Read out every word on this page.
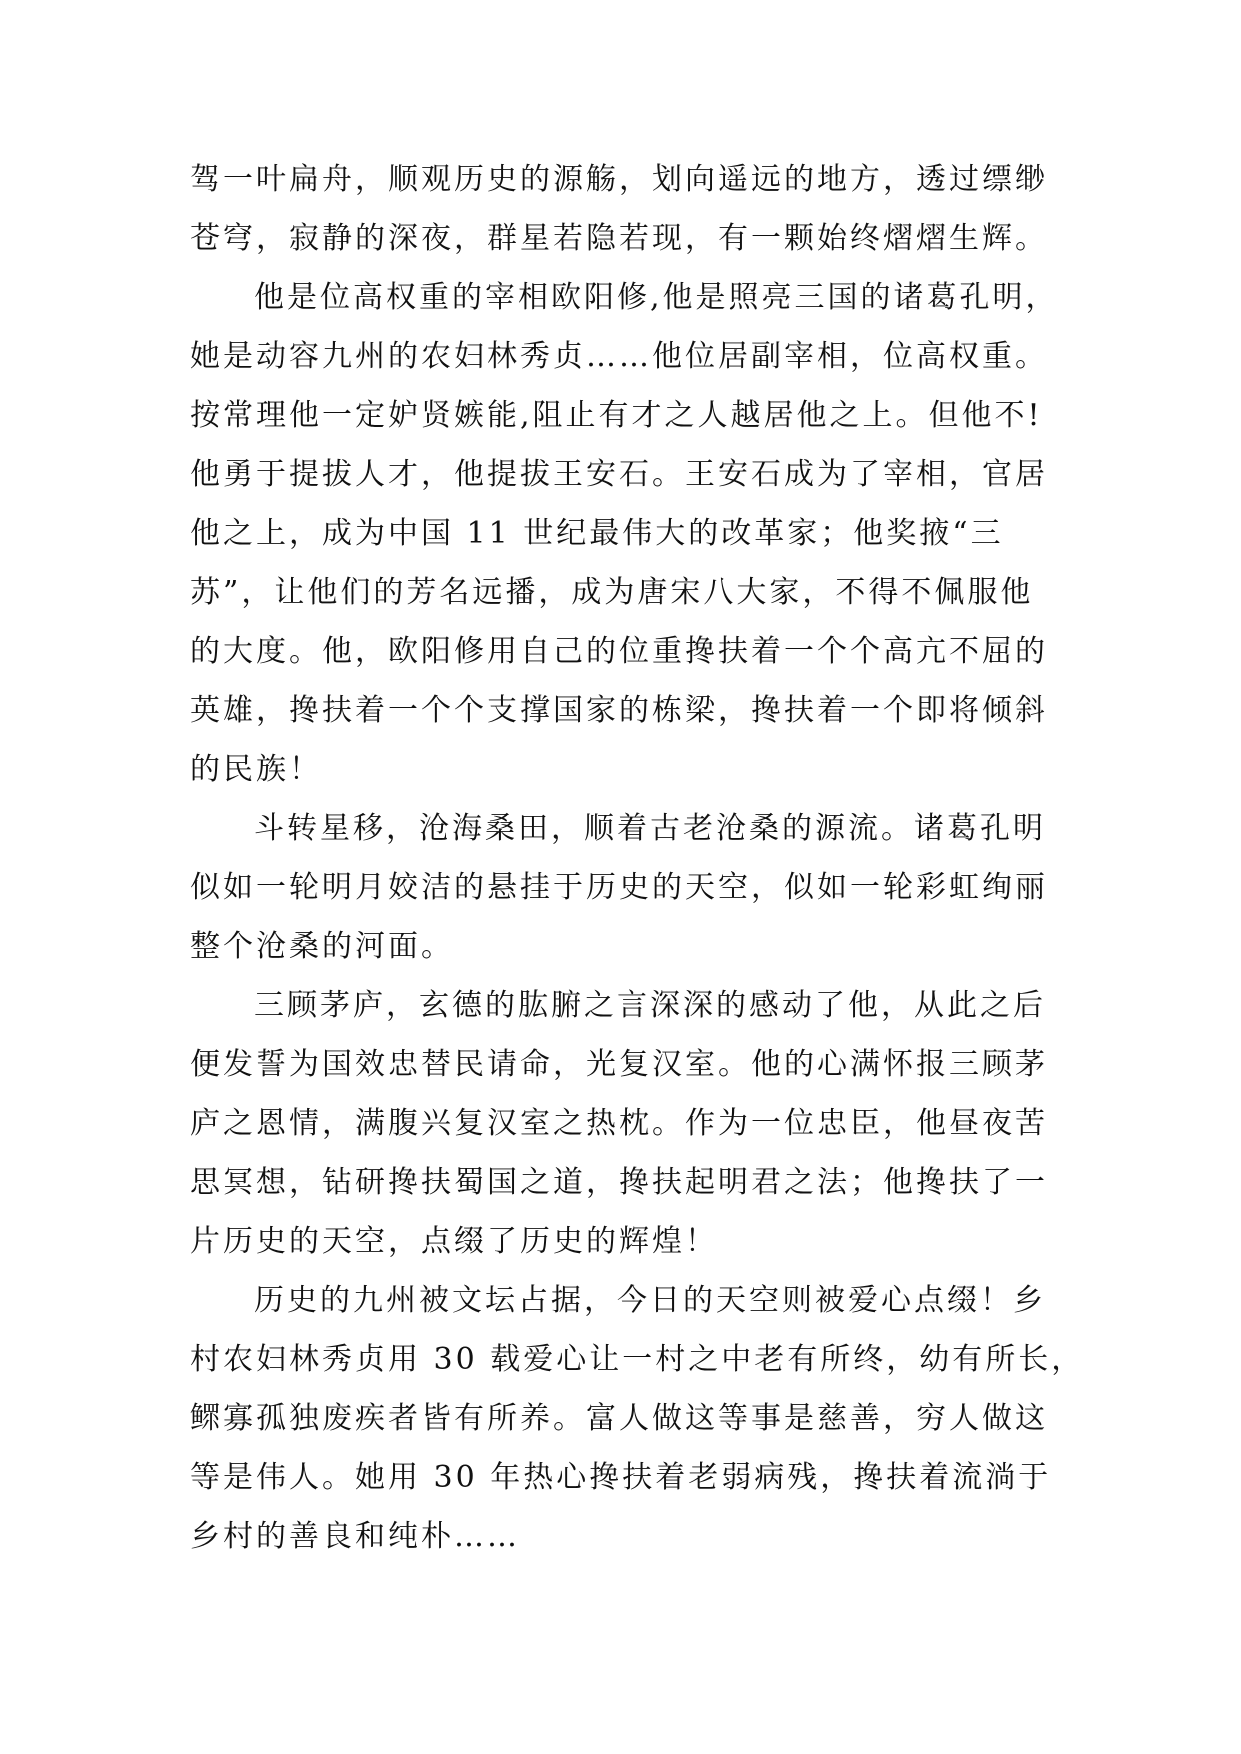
驾一叶扁舟，顺观历史的源觞，划向遥远的地方，透过缥缈
苍穹，寂静的深夜，群星若隐若现，有一颗始终熠熠生辉。
他是位高权重的宰相欧阳修,他是照亮三国的诸葛孔明，
她是动容九州的农妇林秀贞……他位居副宰相，位高权重。
按常理他一定妒贤嫉能,阻止有才之人越居他之上。但他不!
他勇于提拔人才，他提拔王安石。王安石成为了宰相，官居
他之上，成为中国 11 世纪最伟大的改革家；他奖掖“三
苏”，让他们的芳名远播，成为唐宋八大家，不得不佩服他
的大度。他，欧阳修用自己的位重搀扶着一个个高亢不屈的
英雄，搀扶着一个个支撑国家的栋梁，搀扶着一个即将倾斜
的民族！
斗转星移，沧海桑田，顺着古老沧桑的源流。诸葛孔明
似如一轮明月姣洁的悬挂于历史的天空，似如一轮彩虹绚丽
整个沧桑的河面。
三顾茅庐，玄德的肱腑之言深深的感动了他，从此之后
便发誓为国效忠替民请命，光复汉室。他的心满怀报三顾茅
庐之恩情，满腹兴复汉室之热枕。作为一位忠臣，他昼夜苦
思冥想，钻研搀扶蜀国之道，搀扶起明君之法；他搀扶了一
片历史的天空，点缀了历史的辉煌！
历史的九州被文坛占据，今日的天空则被爱心点缀！乡
村农妇林秀贞用 30 载爱心让一村之中老有所终，幼有所长，
鳏寡孤独废疾者皆有所养。富人做这等事是慈善，穷人做这
等是伟人。她用 30 年热心搀扶着老弱病残，搀扶着流淌于
乡村的善良和纯朴……
